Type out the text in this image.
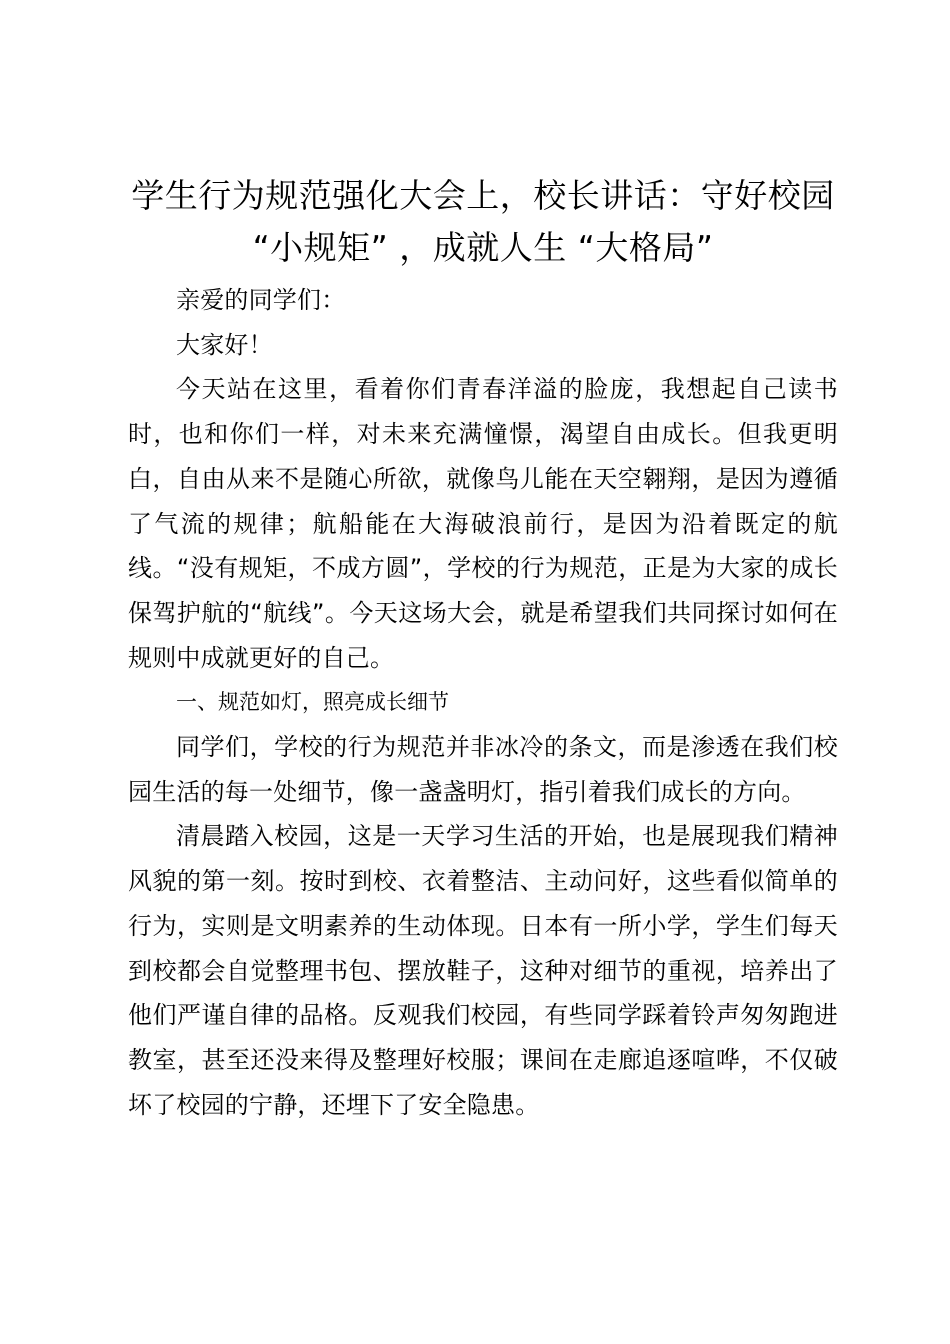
学生行为规范强化大会上，校长讲话：守好校园 “小规矩” ，成就人生 “大格局”

亲爱的同学们：

大家好！

今天站在这里，看着你们青春洋溢的脸庞，我想起自己读书时，也和你们一样，对未来充满憧憬，渴望自由成长。但我更明白，自由从来不是随心所欲，就像鸟儿能在天空翱翔，是因为遵循了气流的规律；航船能在大海破浪前行，是因为沿着既定的航线。“没有规矩，不成方圆”，学校的行为规范，正是为大家的成长保驾护航的“航线”。今天这场大会，就是希望我们共同探讨如何在规则中成就更好的自己。

一、规范如灯，照亮成长细节

同学们，学校的行为规范并非冰冷的条文，而是渗透在我们校园生活的每一处细节，像一盏盏明灯，指引着我们成长的方向。

清晨踏入校园，这是一天学习生活的开始，也是展现我们精神风貌的第一刻。按时到校、衣着整洁、主动问好，这些看似简单的行为，实则是文明素养的生动体现。日本有一所小学，学生们每天到校都会自觉整理书包、摆放鞋子，这种对细节的重视，培养出了他们严谨自律的品格。反观我们校园，有些同学踩着铃声匆匆跑进教室，甚至还没来得及整理好校服；课间在走廊追逐喧哗，不仅破坏了校园的宁静，还埋下了安全隐患。
